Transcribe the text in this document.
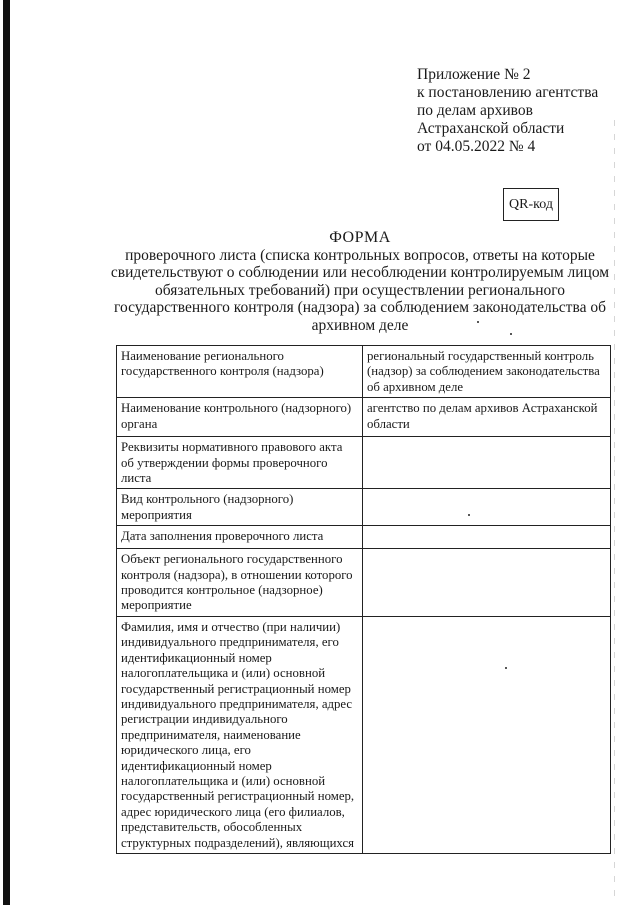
Приложение № 2
к постановлению агентства
по делам архивов
Астраханской области
от 04.05.2022 № 4
QR-код
ФОРМА
проверочного листа (списка контрольных вопросов, ответы на которые
свидетельствуют о соблюдении или несоблюдении контролируемым лицом
обязательных требований) при осуществлении регионального
государственного контроля (надзора) за соблюдением законодательства об
архивном деле
Наименование регионального государственного контроля (надзора)	региональный государственный контроль (надзор) за соблюдением законодательства об архивном деле
Наименование контрольного (надзорного) органа	агентство по делам архивов Астраханской области
Реквизиты нормативного правового акта об утверждении формы проверочного листа	
Вид контрольного (надзорного) мероприятия	
Дата заполнения проверочного листа	
Объект регионального государственного контроля (надзора), в отношении которого проводится контрольное (надзорное) мероприятие	
Фамилия, имя и отчество (при наличии) индивидуального предпринимателя, его идентификационный номер налогоплательщика и (или) основной государственный регистрационный номер индивидуального предпринимателя, адрес регистрации индивидуального предпринимателя, наименование юридического лица, его идентификационный номер налогоплательщика и (или) основной государственный регистрационный номер, адрес юридического лица (его филиалов, представительств, обособленных структурных подразделений), являющихся	
